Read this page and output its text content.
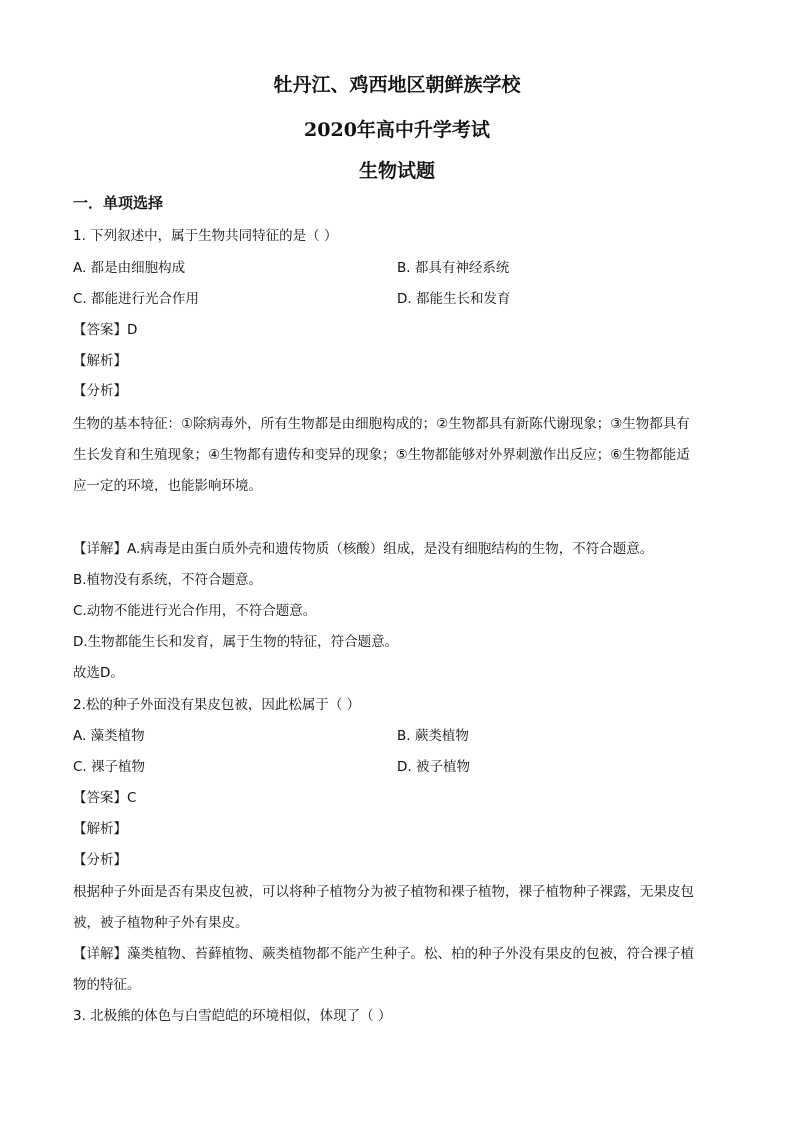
牡丹江、鸡西地区朝鲜族学校
2020年高中升学考试
生物试题
一．单项选择
1. 下列叙述中，属于生物共同特征的是（ ）
A. 都是由细胞构成	B. 都具有神经系统
C. 都能进行光合作用	D. 都能生长和发育
【答案】D
【解析】
【分析】
生物的基本特征：①除病毒外，所有生物都是由细胞构成的；②生物都具有新陈代谢现象；③生物都具有
生长发育和生殖现象；④生物都有遗传和变异的现象；⑤生物都能够对外界刺激作出反应；⑥生物都能适
应一定的环境，也能影响环境。
【详解】A.病毒是由蛋白质外壳和遗传物质（核酸）组成，是没有细胞结构的生物，不符合题意。
B.植物没有系统，不符合题意。
C.动物不能进行光合作用，不符合题意。
D.生物都能生长和发育，属于生物的特征，符合题意。
故选D。
2.松的种子外面没有果皮包被，因此松属于（ ）
A. 藻类植物	B. 蕨类植物
C. 裸子植物	D. 被子植物
【答案】C
【解析】
【分析】
根据种子外面是否有果皮包被，可以将种子植物分为被子植物和裸子植物，裸子植物种子裸露，无果皮包
被，被子植物种子外有果皮。
【详解】藻类植物、苔藓植物、蕨类植物都不能产生种子。松、柏的种子外没有果皮的包被，符合裸子植
物的特征。
3. 北极熊的体色与白雪皑皑的环境相似，体现了（ ）
